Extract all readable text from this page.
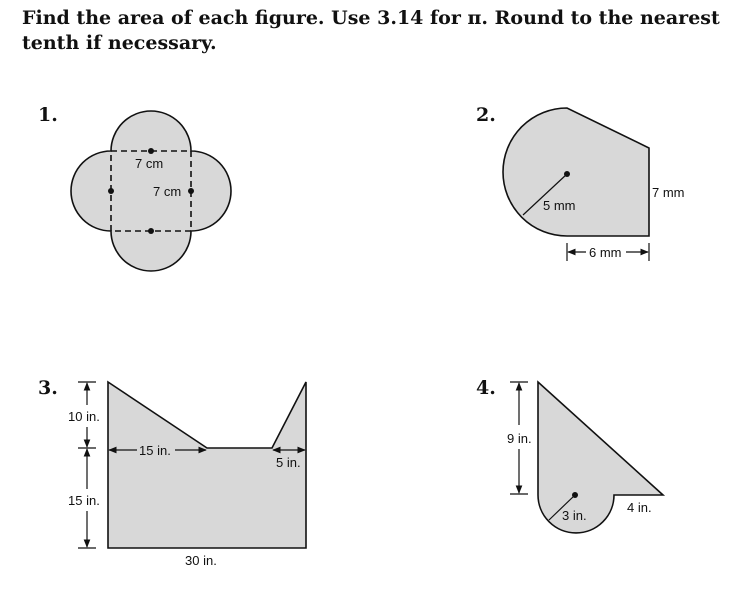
Find the area of each figure. Use 3.14 for π. Round to the nearest tenth if necessary.

1.	2.
3.	4.
7 cm
7 cm
5 mm
7 mm
6 mm
10 in.
15 in.
15 in.
5 in.
30 in.
9 in.
3 in.
4 in.
